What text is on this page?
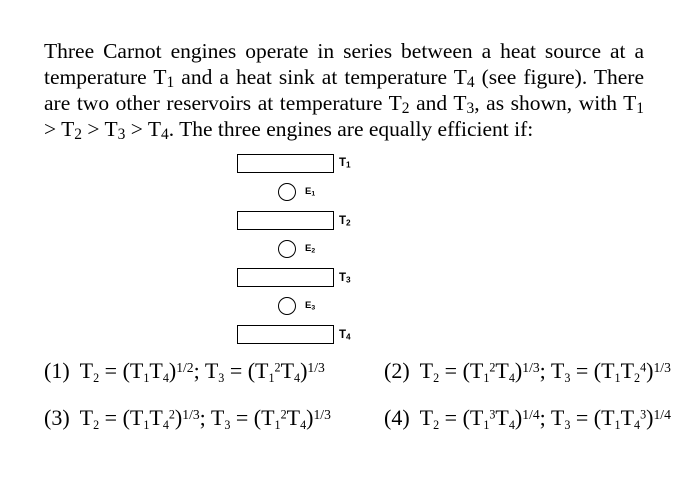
Three Carnot engines operate in series between a heat source at a temperature $T_1$ and a heat sink at temperature $T_4$ (see figure). There are two other reservoirs at temperature $T_2$ and $T_3$, as shown, with $T_1 > T_2 > T_3 > T_4$. The three engines are equally efficient if:

$T_1$
$E_1$
$T_2$
$E_2$
$T_3$
$E_3$
$T_4$
(1) $T_2 = (T_1T_4)^{1/2}$; $T_3 = (T_1^2T_4)^{1/3}$	(2) $T_2 = (T_1^2T_4)^{1/3}$; $T_3 = (T_1T_2^4)^{1/3}$
(3) $T_2 = (T_1T_4^2)^{1/3}$; $T_3 = (T_1^2T_4)^{1/3}$ (4) $T_2 = (T_1^3T_4)^{1/4}$; $T_3 = (T_1T_4^3)^{1/4}$
